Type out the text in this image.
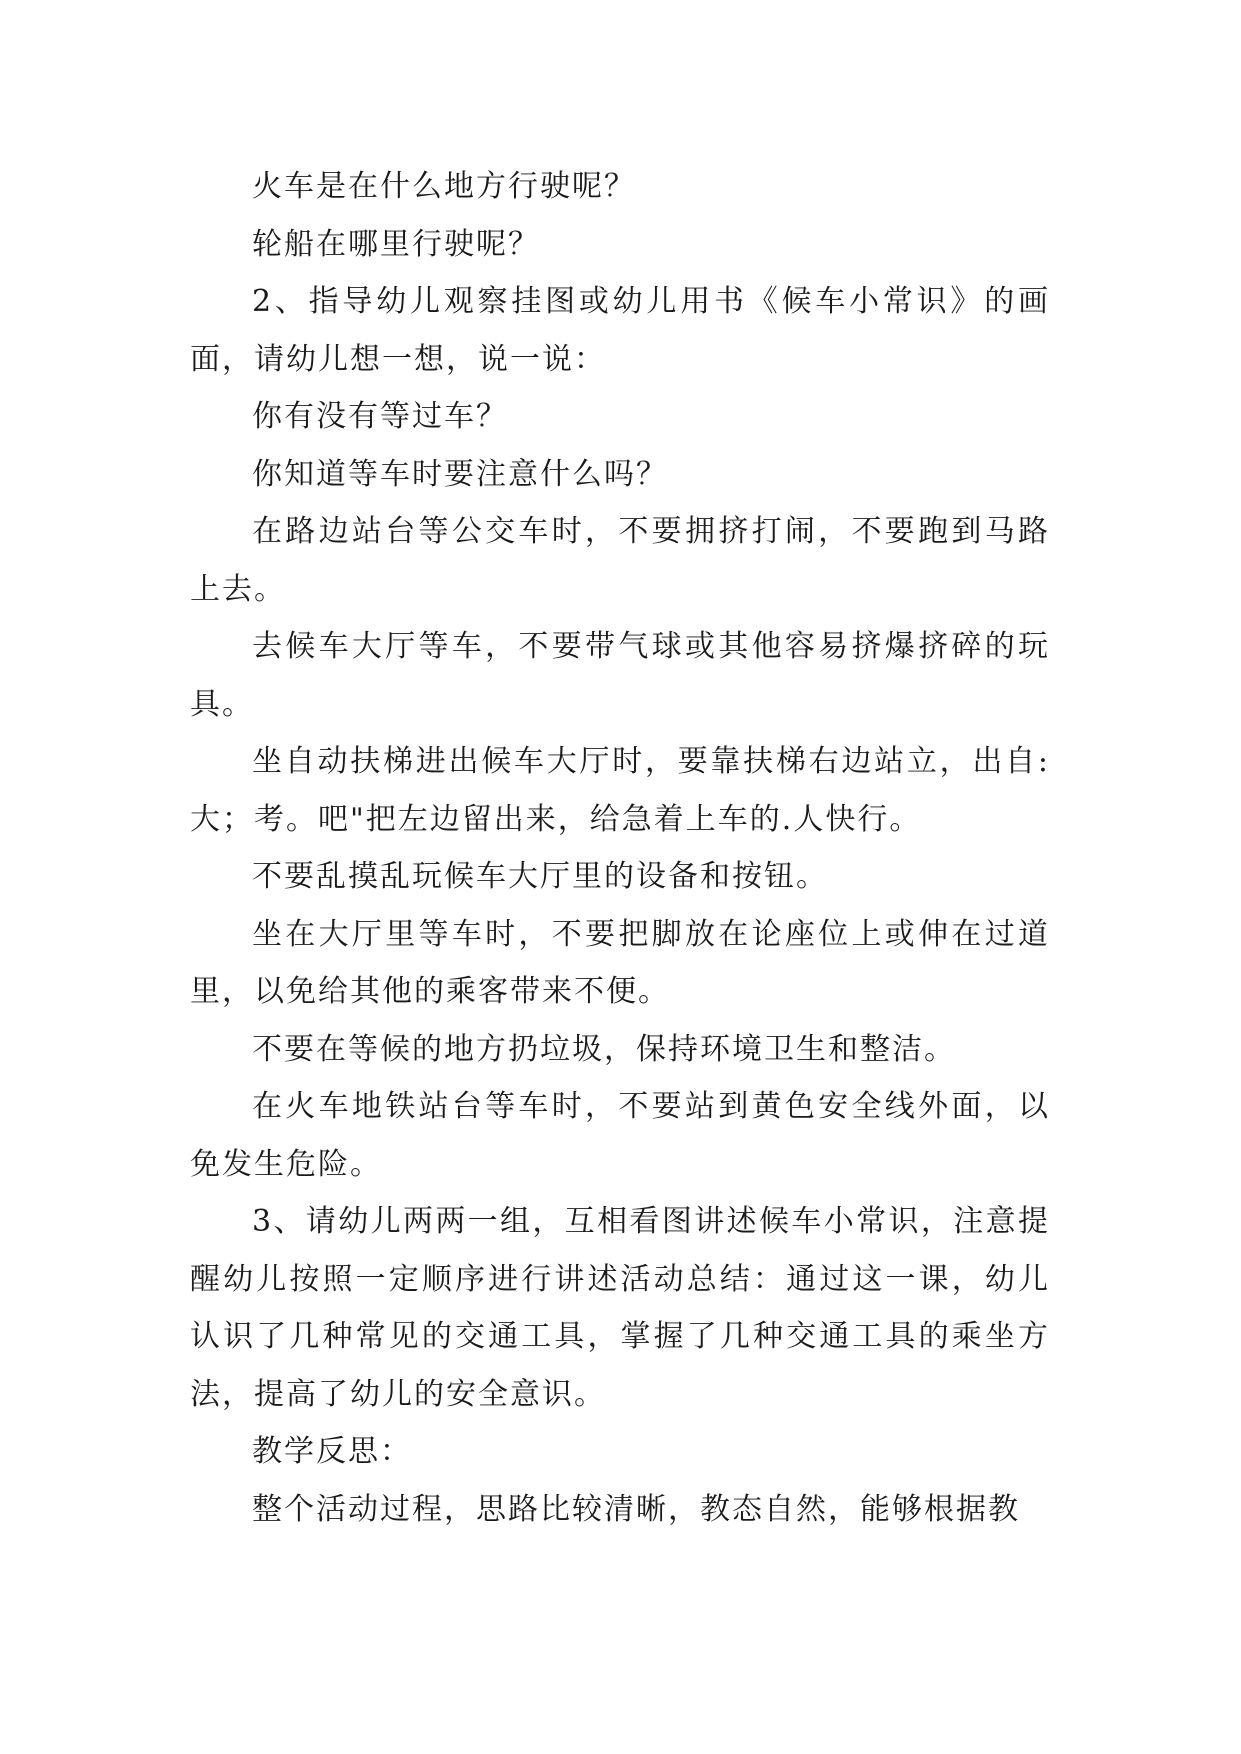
火车是在什么地方行驶呢？

轮船在哪里行驶呢？

2、指导幼儿观察挂图或幼儿用书《候车小常识》的画面，请幼儿想一想，说一说：

你有没有等过车？

你知道等车时要注意什么吗？

在路边站台等公交车时，不要拥挤打闹，不要跑到马路上去。

去候车大厅等车，不要带气球或其他容易挤爆挤碎的玩具。

坐自动扶梯进出候车大厅时，要靠扶梯右边站立，出自:大；考。吧"把左边留出来，给急着上车的.人快行。

不要乱摸乱玩候车大厅里的设备和按钮。

坐在大厅里等车时，不要把脚放在论座位上或伸在过道里，以免给其他的乘客带来不便。

不要在等候的地方扔垃圾，保持环境卫生和整洁。

在火车地铁站台等车时，不要站到黄色安全线外面，以免发生危险。

3、请幼儿两两一组，互相看图讲述候车小常识，注意提醒幼儿按照一定顺序进行讲述活动总结：通过这一课，幼儿认识了几种常见的交通工具，掌握了几种交通工具的乘坐方法，提高了幼儿的安全意识。

教学反思：

整个活动过程，思路比较清晰，教态自然，能够根据教
